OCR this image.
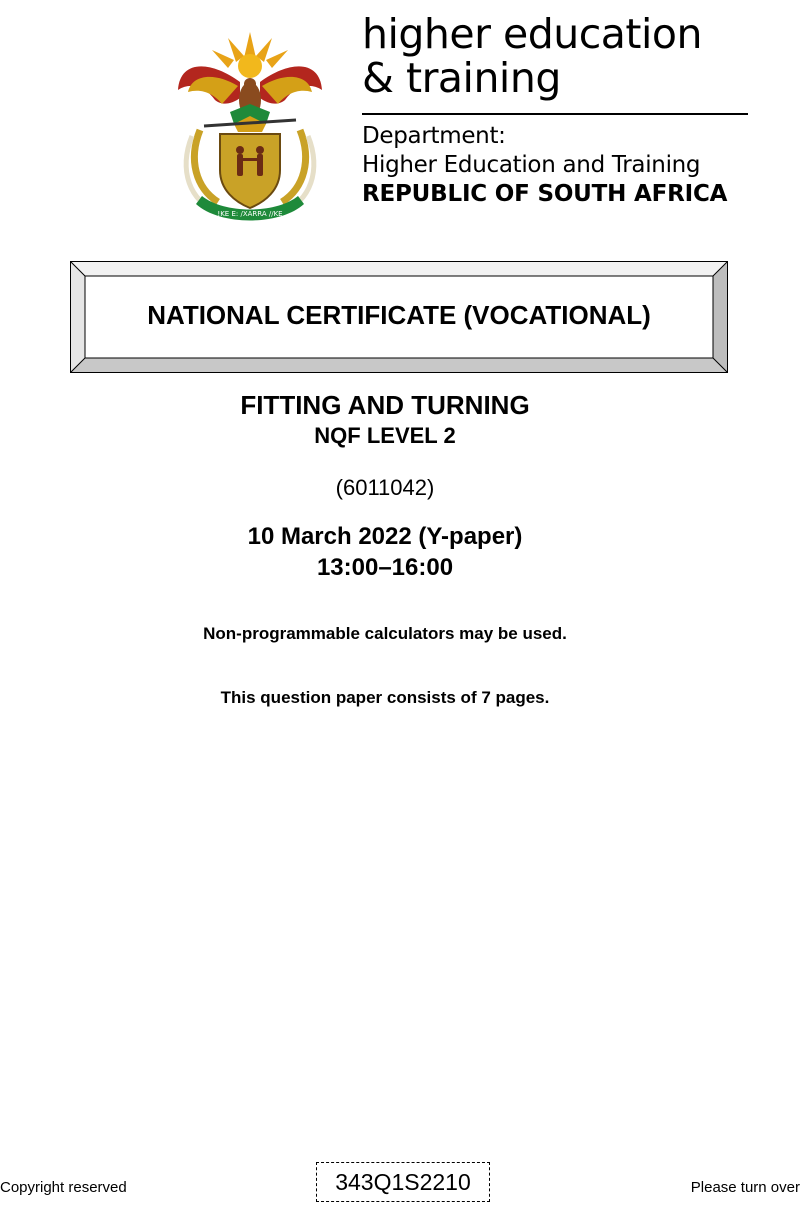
!KE E: /XARRA //KE
higher education
& training
Department:
Higher Education and Training
REPUBLIC OF SOUTH AFRICA
NATIONAL CERTIFICATE (VOCATIONAL)
FITTING AND TURNING
NQF LEVEL 2
(6011042)
10 March 2022 (Y-paper)
13:00–16:00
Non-programmable calculators may be used.
This question paper consists of 7 pages.
Copyright reserved	343Q1S2210	Please turn over
